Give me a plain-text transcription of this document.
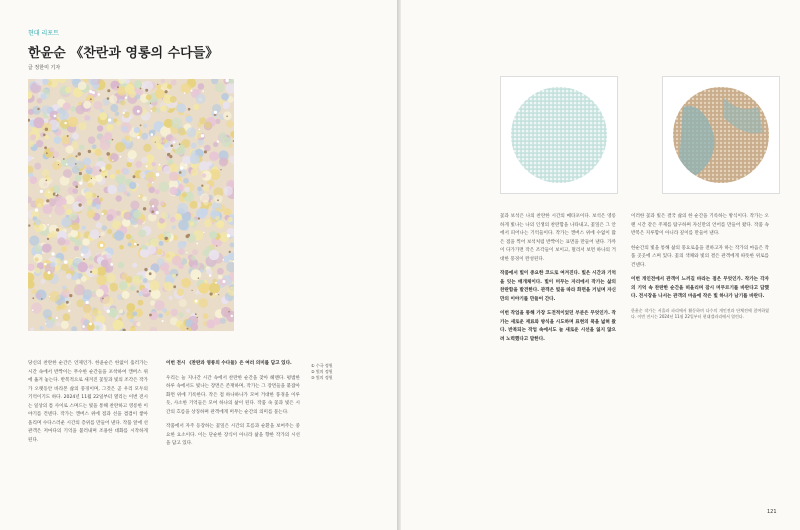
현대 리포트
한윤순 《찬란과 영롱의 수다들》
글 정한미 기자

당신의 찬란한 순간은 언제인가. 한윤순은 한없이 흘러가는 시간 속에서 반짝이는 무수한 순간들을 포착하여 캔버스 위에 옮겨 놓는다. 반복적으로 새겨진 꽃잎과 빛의 조각은 작가가 오랫동안 바라본 삶의 풍경이며, 그것은 곧 우리 모두의 기억이기도 하다. 2024년 11월 22일부터 열리는 이번 전시는 일상의 틈 사이로 스며드는 빛을 통해 찬란하고 영롱한 이야기를 건넨다. 작가는 캔버스 위에 점과 선을 겹겹이 쌓아 올리며 수다스러운 시간의 층위를 만들어 낸다. 작품 앞에 선 관객은 저마다의 기억을 불러내며 조용한 대화를 시작하게 된다.

이번 전시 《찬란과 영롱의 수다들》은 여러 의미를 담고 있다.

우리는 늘 지나간 시간 속에서 찬란한 순간을 찾아 헤맨다. 평범한 하루 속에서도 빛나는 장면은 존재하며, 작가는 그 장면들을 붙잡아 화면 위에 기록한다. 작은 점 하나하나가 모여 거대한 풍경을 이루듯, 사소한 기억들은 모여 하나의 삶이 된다. 작품 속 꽃과 빛은 시간의 흐름을 상징하며 관객에게 머무는 순간의 의미를 묻는다.

작품에서 자주 등장하는 꽃잎은 시간의 흐름과 순환을 보여주는 중요한 요소이다. 이는 단순한 장식이 아니라 삶을 향한 작가의 시선을 담고 있다.

① 수국 정원
② 빛의 정원
③ 빛의 정원

꽃과 보석은 나의 찬란한 시간의 메타포이다. 보석은 영롱하게 빛나는 나의 인생의 찬란함을 나타내고, 꽃잎은 그 안에서 피어나는 기억들이다. 작가는 캔버스 위에 수없이 많은 점을 찍어 보석처럼 반짝이는 표면을 만들어 낸다. 가까이 다가가면 작은 조각들이 보이고, 멀리서 보면 하나의 거대한 풍경이 완성된다.

작품에서 빛이 중요한 코드로 여겨진다. 빛은 시간과 기억을 잇는 매개체이다. 빛이 머무는 자리에서 작가는 삶의 찬란함을 발견한다. 관객은 빛을 따라 화면을 거닐며 자신만의 이야기를 만들어 간다.

이번 작업을 통해 가장 도전적이었던 부분은 무엇인가. 작가는 새로운 재료와 방식을 시도하며 표현의 폭을 넓혀 왔다. 반복되는 작업 속에서도 늘 새로운 시선을 잃지 않으려 노력했다고 말한다.

이러한 꽃과 빛은 결국 삶의 한 순간을 기록하는 방식이다. 작가는 오랜 시간 같은 주제를 탐구하며 자신만의 언어를 만들어 왔다. 작품 속 반복은 지루함이 아니라 깊이를 만들어 낸다.

한순간의 빛을 통해 삶의 풍요로움을 전하고자 하는 작가의 마음은 작품 곳곳에 스며 있다. 꽃의 색채와 빛의 결은 관객에게 따뜻한 위로를 건넨다.

이번 개인전에서 관객이 느끼길 바라는 점은 무엇인가. 작가는 각자의 기억 속 찬란한 순간을 떠올리며 잠시 머무르기를 바란다고 답했다. 전시장을 나서는 관객의 마음에 작은 빛 하나가 남기를 바란다.

한윤순 작가는 서울과 파리에서 활동하며 다수의 개인전과 단체전에 참여하였다. 이번 전시는 2024년 11월 22일부터 현대갤러리에서 열린다.

121
